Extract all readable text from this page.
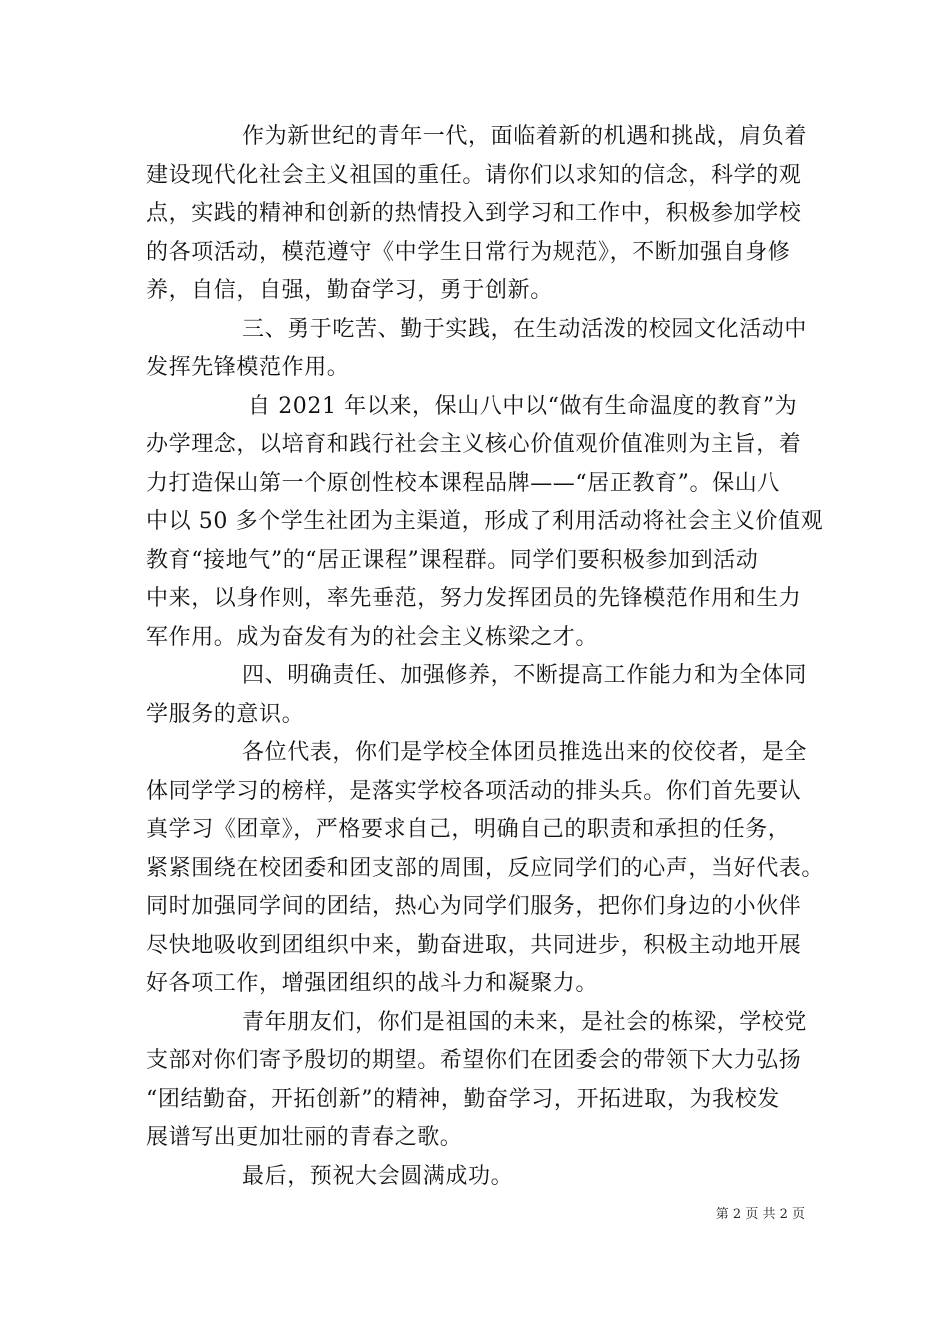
作为新世纪的青年一代，面临着新的机遇和挑战，肩负着
建设现代化社会主义祖国的重任。请你们以求知的信念，科学的观
点，实践的精神和创新的热情投入到学习和工作中，积极参加学校
的各项活动，模范遵守《中学生日常行为规范》，不断加强自身修
养，自信，自强，勤奋学习，勇于创新。

三、勇于吃苦、勤于实践，在生动活泼的校园文化活动中
发挥先锋模范作用。

自 2021 年以来，保山八中以“做有生命温度的教育”为
办学理念，以培育和践行社会主义核心价值观价值准则为主旨，着
力打造保山第一个原创性校本课程品牌——“居正教育”。保山八
中以 50 多个学生社团为主渠道，形成了利用活动将社会主义价值观
教育“接地气”的“居正课程”课程群。同学们要积极参加到活动
中来，以身作则，率先垂范，努力发挥团员的先锋模范作用和生力
军作用。成为奋发有为的社会主义栋梁之才。

四、明确责任、加强修养，不断提高工作能力和为全体同
学服务的意识。

各位代表，你们是学校全体团员推选出来的佼佼者，是全
体同学学习的榜样，是落实学校各项活动的排头兵。你们首先要认
真学习《团章》，严格要求自己，明确自己的职责和承担的任务，
紧紧围绕在校团委和团支部的周围，反应同学们的心声，当好代表。
同时加强同学间的团结，热心为同学们服务，把你们身边的小伙伴
尽快地吸收到团组织中来，勤奋进取，共同进步，积极主动地开展
好各项工作，增强团组织的战斗力和凝聚力。

青年朋友们，你们是祖国的未来，是社会的栋梁，学校党
支部对你们寄予殷切的期望。希望你们在团委会的带领下大力弘扬
“团结勤奋，开拓创新”的精神，勤奋学习，开拓进取，为我校发
展谱写出更加壮丽的青春之歌。

最后，预祝大会圆满成功。

第 2 页 共 2 页
